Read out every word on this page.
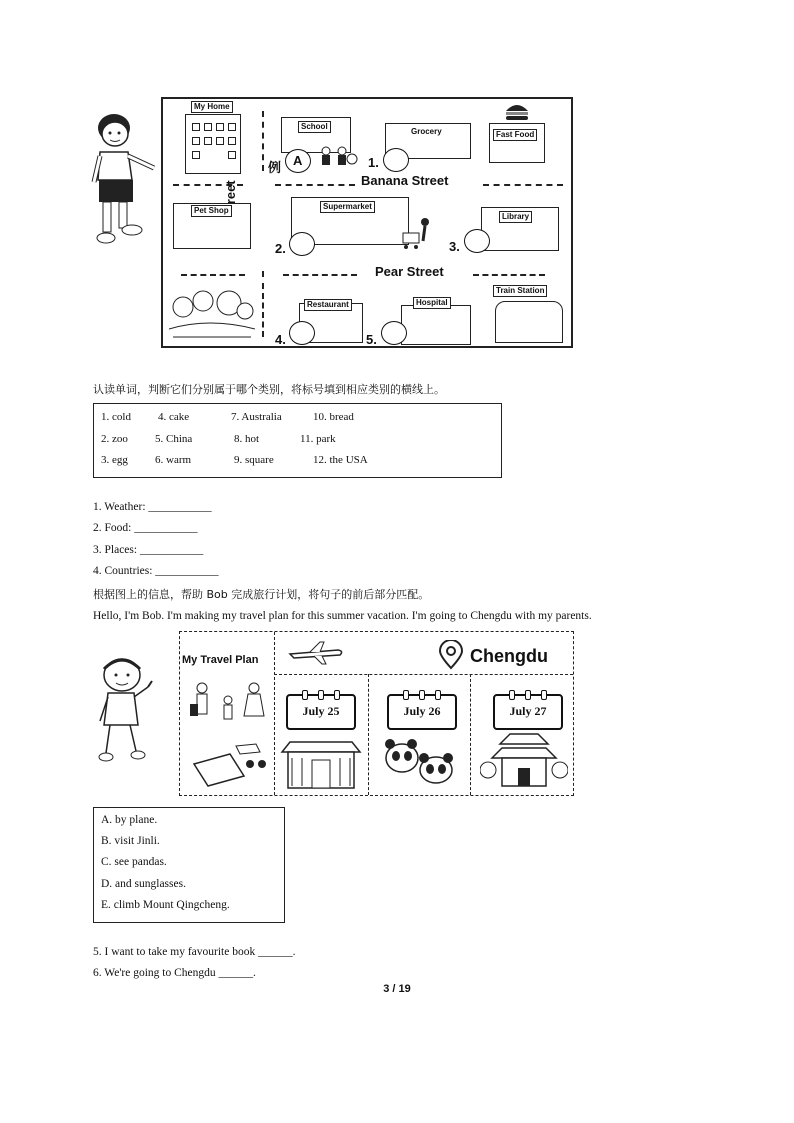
My Home
School
例 A
Grocery
1.
Fast Food
Banana Street
Street
Pet Shop	Supermarket
2.
Library
3.
Pear Street
Restaurant
4.
Hospital
5.
Train Station
认读单词，判断它们分别属于哪个类别，将标号填到相应类别的横线上。
1. cold 4. cake	7. Australia	10. bread
2. zoo 5. China	8. hot	11. park
3. egg 6. warm	9. square	12. the USA
1. Weather: ___________
2. Food: ___________
3. Places: ___________
4. Countries: ___________
根据图上的信息，帮助 Bob 完成旅行计划，将句子的前后部分匹配。
Hello, I'm Bob. I'm making my travel plan for this summer vacation. I'm going to Chengdu with my parents.
My Travel Plan	Chengdu
July 25	July 26	July 27
A. by plane.
B. visit Jinli.
C. see pandas.
D. and sunglasses.
E. climb Mount Qingcheng.
5. I want to take my favourite book ______.
6. We're going to Chengdu ______.
3 / 19
